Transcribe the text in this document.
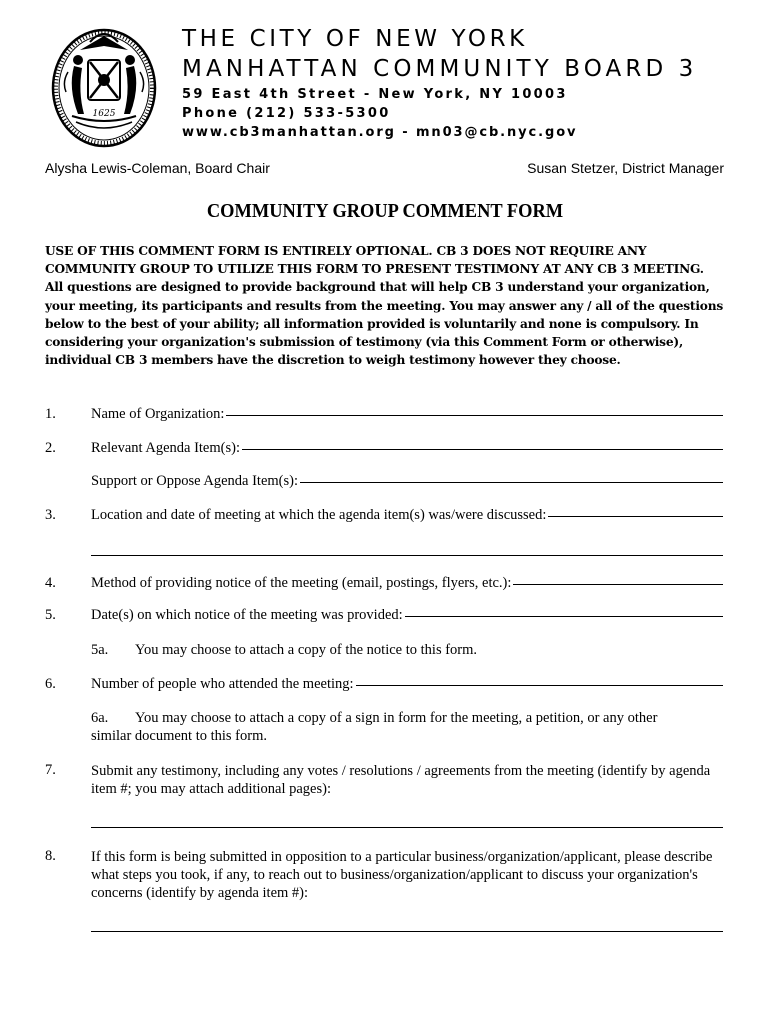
1625
THE CITY OF NEW YORK
MANHATTAN COMMUNITY BOARD 3
59 East 4th Street - New York, NY 10003
Phone (212) 533-5300
www.cb3manhattan.org - mn03@cb.nyc.gov
Alysha Lewis-Coleman, Board Chair	Susan Stetzer, District Manager
COMMUNITY GROUP COMMENT FORM
USE OF THIS COMMENT FORM IS ENTIRELY OPTIONAL. CB 3 DOES NOT REQUIRE ANY COMMUNITY GROUP TO UTILIZE THIS FORM TO PRESENT TESTIMONY AT ANY CB 3 MEETING. All questions are designed to provide background that will help CB 3 understand your organization, your meeting, its participants and results from the meeting. You may answer any / all of the questions below to the best of your ability; all information provided is voluntarily and none is compulsory. In considering your organization's submission of testimony (via this Comment Form or otherwise), individual CB 3 members have the discretion to weigh testimony however they choose.
1. Name of Organization:
2. Relevant Agenda Item(s):
Support or Oppose Agenda Item(s):
3. Location and date of meeting at which the agenda item(s) was/were discussed:
4. Method of providing notice of the meeting (email, postings, flyers, etc.):
5. Date(s) on which notice of the meeting was provided:
5a. You may choose to attach a copy of the notice to this form.
6. Number of people who attended the meeting:
6a. You may choose to attach a copy of a sign in form for the meeting, a petition, or any other
similar document to this form.
7. Submit any testimony, including any votes / resolutions / agreements from the meeting (identify by agenda item #; you may attach additional pages):
8. If this form is being submitted in opposition to a particular business/organization/applicant, please describe what steps you took, if any, to reach out to business/organization/applicant to discuss your organization's concerns (identify by agenda item #):
